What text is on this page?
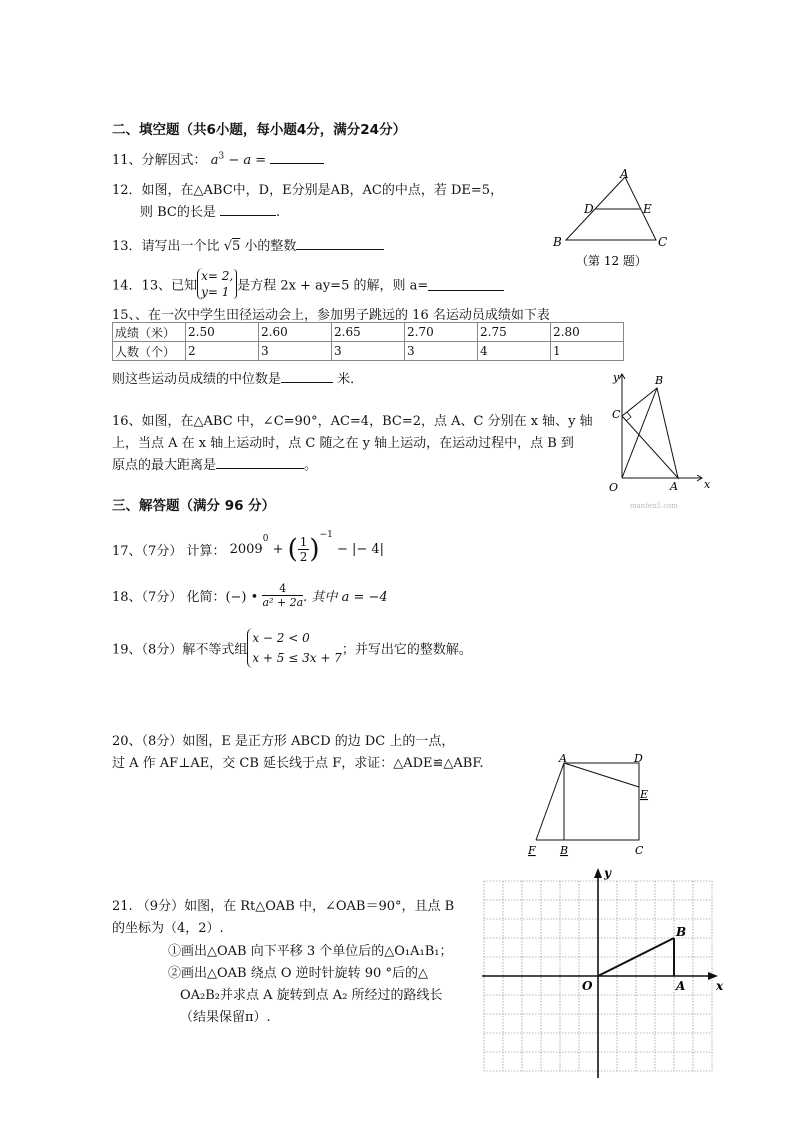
二、填空题（共6小题，每小题4分，满分24分）
11、分解因式： $a^3 - a$ =
12．如图，在△ABC中，D，E分别是AB，AC的中点，若 DE=5，
则 BC的长是	.
A
D	E
B	C
（第 12 题）
13．请写出一个比 √5 小的整数
14．13、已知
x= 2,
y= 1 是方程 2x + ay=5 的解，则 a=
15、、在一次中学生田径运动会上，参加男子跳远的 16 名运动员成绩如下表
成绩（米）	2.50	2.60	2.65	2.70	2.75	2.80
人数（个）	2	3	3	3	4	1
则这些运动员成绩的中位数是	米．
16、如图，在△ABC 中，∠C=90°，AC=4，BC=2，点 A、C 分别在 x 轴、y 轴
上，当点 A 在 x 轴上运动时，点 C 随之在 y 轴上运动，在运动过程中，点 B 到
原点的最大距离是	。
y
x
O	A
B
C
manfen5.com
三、解答题（满分 96 分）
17、（7分） 计算： $2009^0$ + ( $\frac{1}{2} )^{-1}$ − |− 4|
18、（7分） 化简：(−) • $\frac{4}{\text{a² + 2a}}$ . 其中 a = −4
19、（8分）解不等式组
x − 2 < 0
x + 5 ≤ 3x + 7
；并写出它的整数解。
20、（8分）如图，E 是正方形 ABCD 的边 DC 上的一点，
过 A 作 AF⊥AE，交 CB 延长线于点 F，求证：△ADE≌△ABF.	A	D
E
F B	C
21. （9分）如图，在 Rt△OAB 中，∠OAB＝90°，且点 B
的坐标为（4，2）.
①画出△OAB 向下平移 3 个单位后的△O₁A₁B₁；
②画出△OAB 绕点 O 逆时针旋转 90 °后的△
OA₂B₂并求点 A 旋转到点 A₂ 所经过的路线长
（结果保留π）.
y
x
O	A
B
